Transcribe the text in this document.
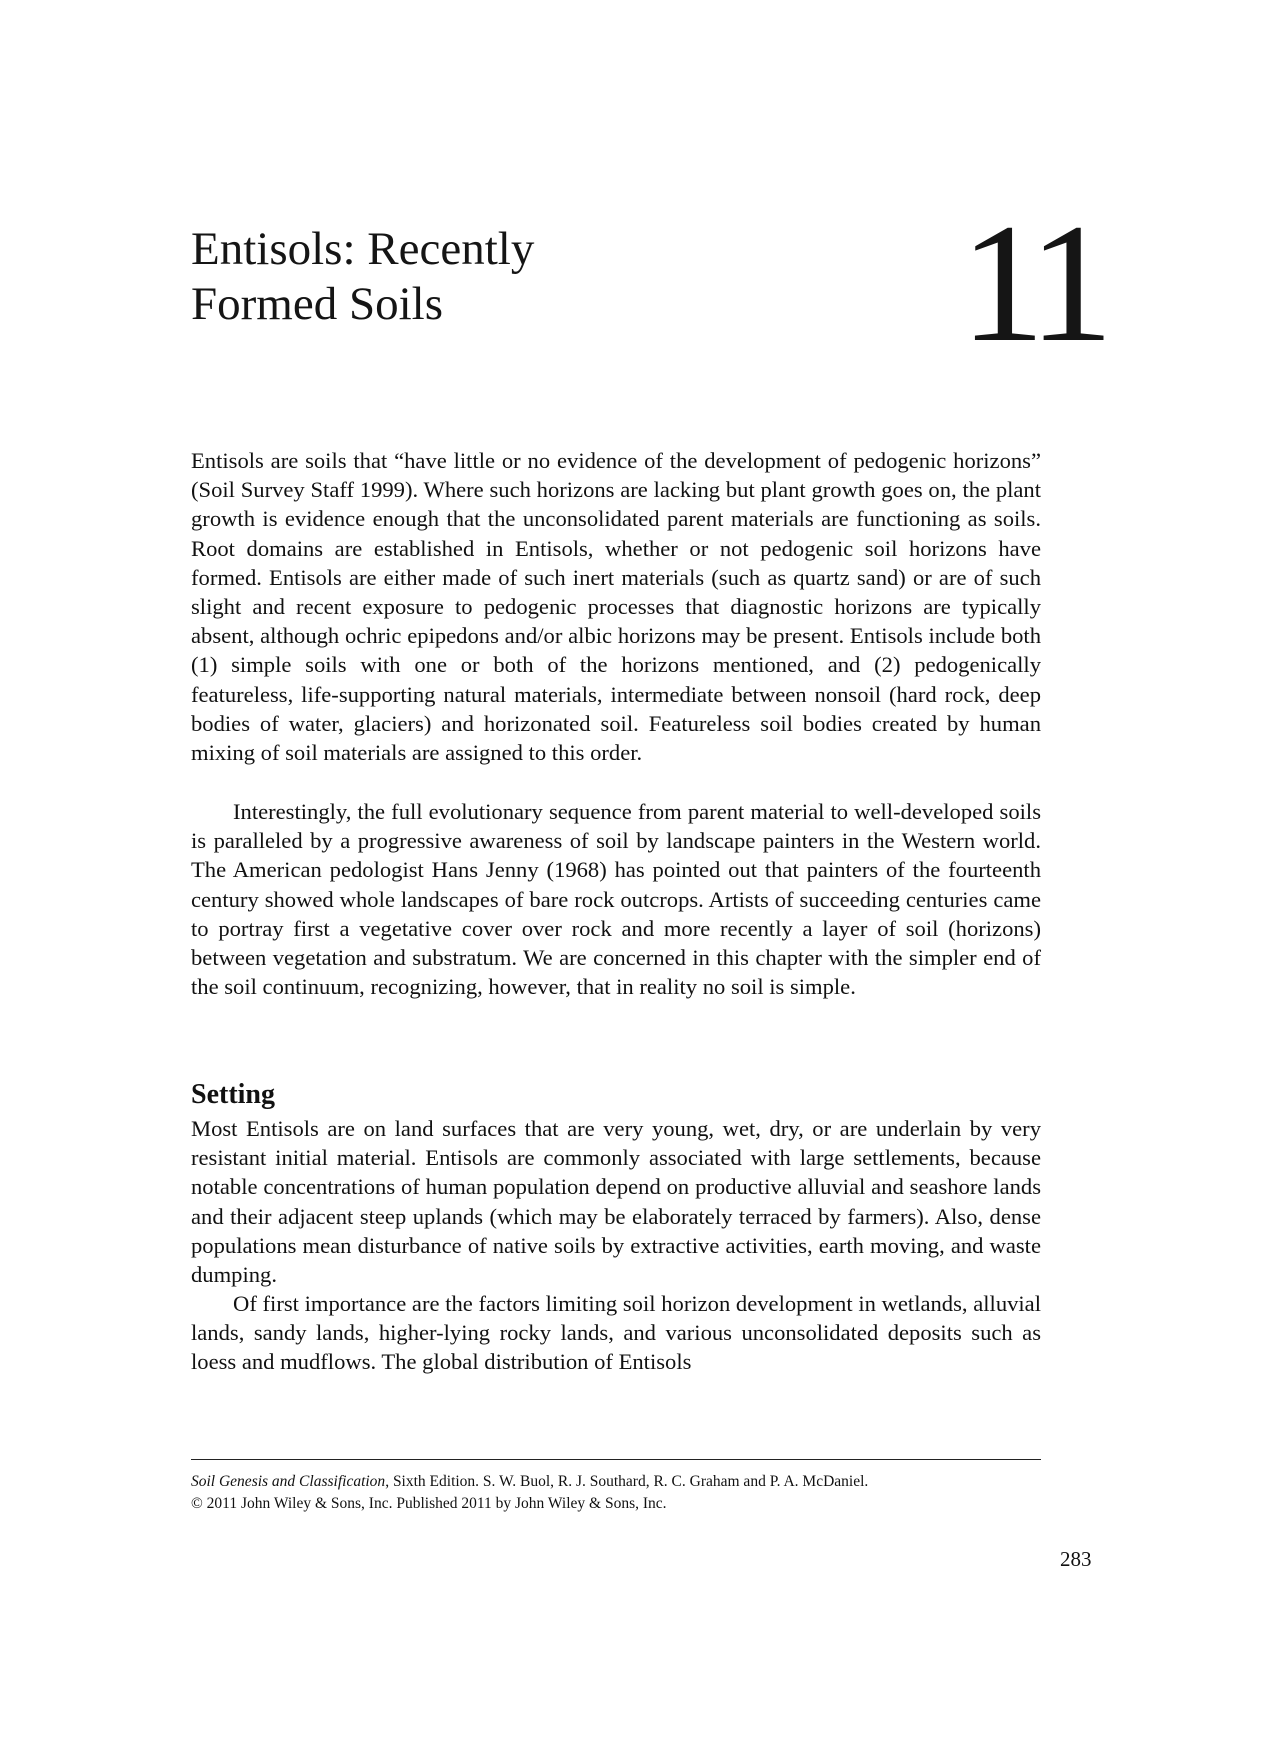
Entisols: Recently
Formed Soils	11

Entisols are soils that “have little or no evidence of the development of pedogenic horizons” (Soil Survey Staff 1999). Where such horizons are lacking but plant growth goes on, the plant growth is evidence enough that the unconsolidated parent materials are functioning as soils. Root domains are established in Entisols, whether or not pedogenic soil horizons have formed. Entisols are either made of such inert materials (such as quartz sand) or are of such slight and recent exposure to pedogenic processes that diagnostic horizons are typically absent, although ochric epipedons and/or albic horizons may be present. Entisols include both (1) simple soils with one or both of the horizons mentioned, and (2) pedogenically featureless, life-supporting natural materials, intermediate between nonsoil (hard rock, deep bodies of water, glaciers) and horizonated soil. Featureless soil bodies created by human mixing of soil materials are assigned to this order.

Interestingly, the full evolutionary sequence from parent material to well-developed soils is paralleled by a progressive awareness of soil by landscape painters in the Western world. The American pedologist Hans Jenny (1968) has pointed out that painters of the fourteenth century showed whole landscapes of bare rock outcrops. Artists of succeeding centuries came to portray first a vegetative cover over rock and more recently a layer of soil (horizons) between vegetation and substratum. We are concerned in this chapter with the simpler end of the soil continuum, recognizing, however, that in reality no soil is simple.

Setting

Most Entisols are on land surfaces that are very young, wet, dry, or are underlain by very resistant initial material. Entisols are commonly associated with large settlements, because notable concentrations of human population depend on productive alluvial and seashore lands and their adjacent steep uplands (which may be elaborately terraced by farmers). Also, dense populations mean disturbance of native soils by extractive activities, earth moving, and waste dumping.

Of first importance are the factors limiting soil horizon development in wetlands, alluvial lands, sandy lands, higher-lying rocky lands, and various unconsolidated deposits such as loess and mudflows. The global distribution of Entisols

Soil Genesis and Classification, Sixth Edition. S. W. Buol, R. J. Southard, R. C. Graham and P. A. McDaniel.
© 2011 John Wiley & Sons, Inc. Published 2011 by John Wiley & Sons, Inc.
283
